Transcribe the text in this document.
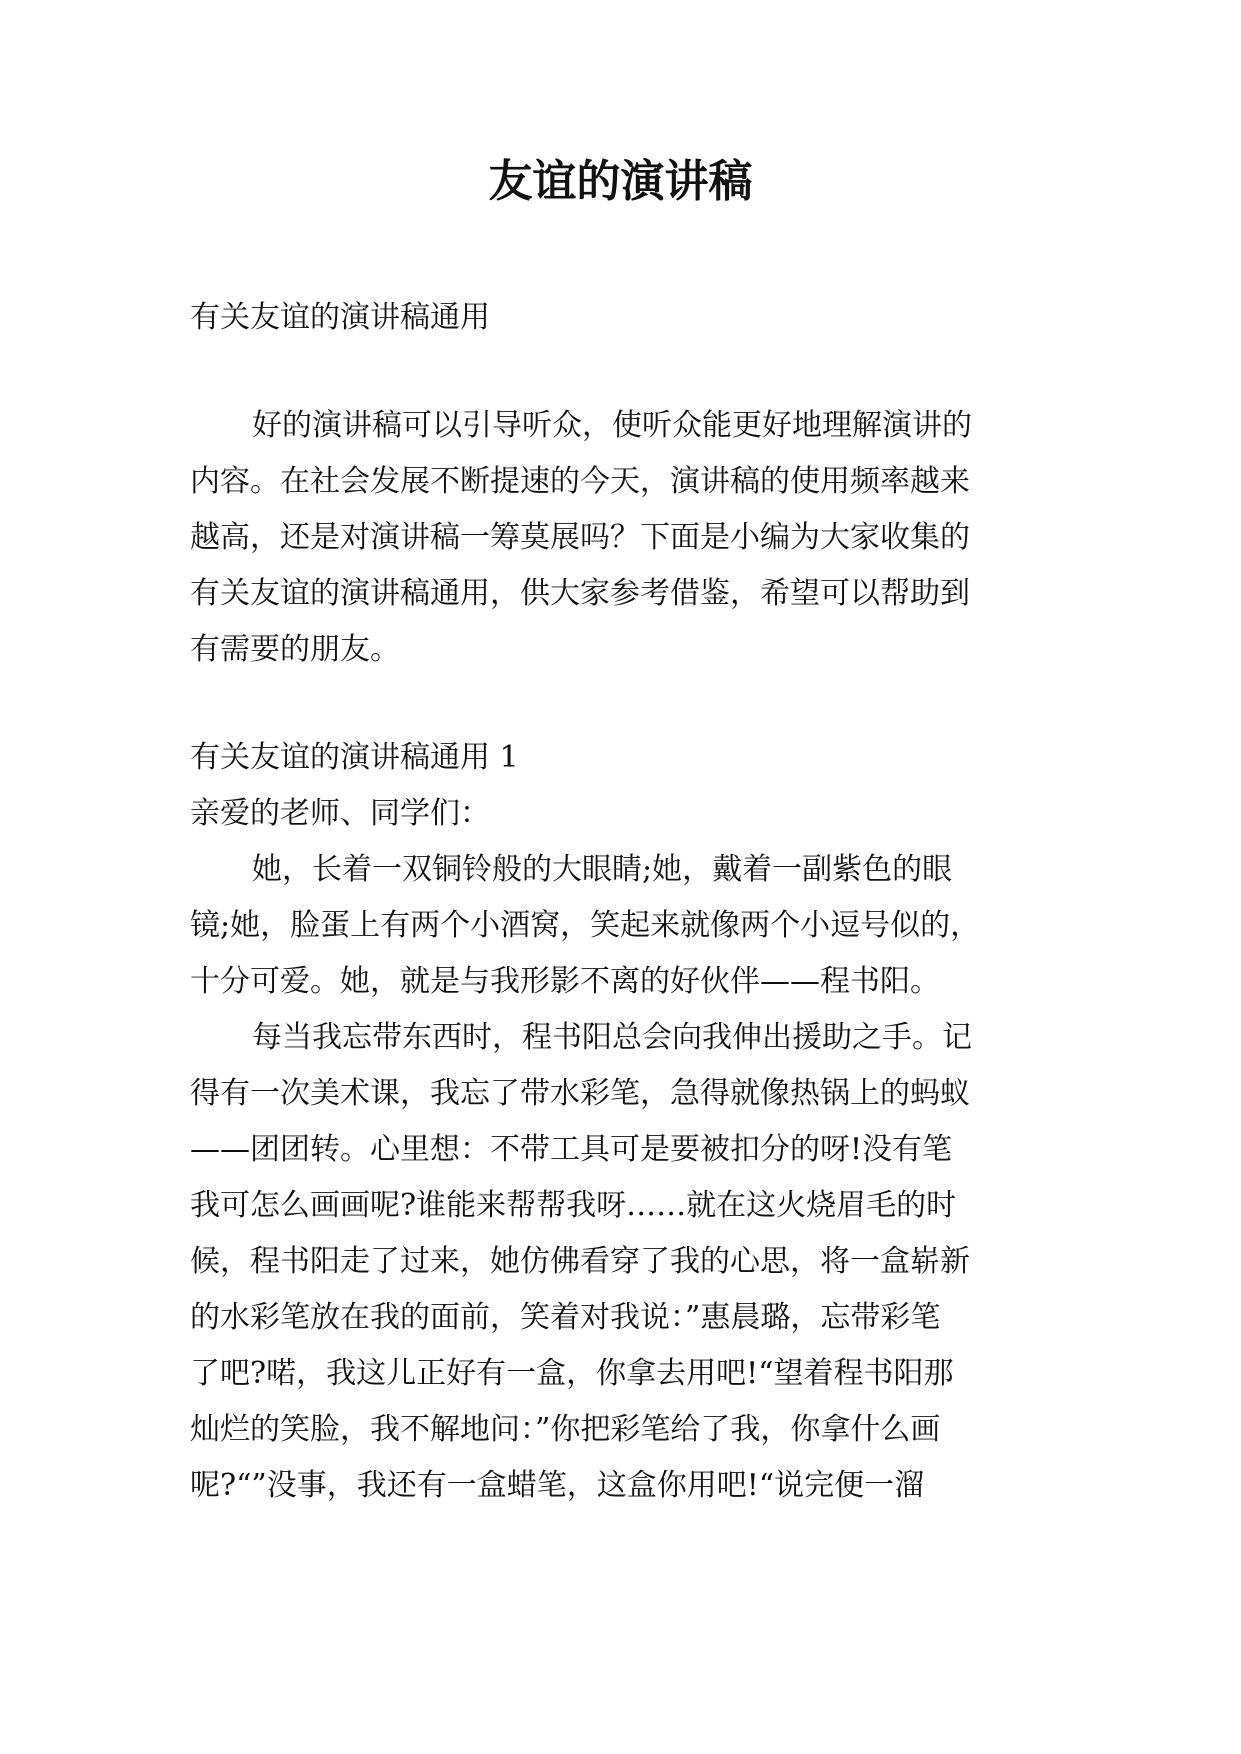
友谊的演讲稿

有关友谊的演讲稿通用

好的演讲稿可以引导听众，使听众能更好地理解演讲的

内容。在社会发展不断提速的今天，演讲稿的使用频率越来

越高，还是对演讲稿一筹莫展吗？下面是小编为大家收集的

有关友谊的演讲稿通用，供大家参考借鉴，希望可以帮助到

有需要的朋友。

有关友谊的演讲稿通用 1

亲爱的老师、同学们：

她，长着一双铜铃般的大眼睛;她，戴着一副紫色的眼

镜;她，脸蛋上有两个小酒窝，笑起来就像两个小逗号似的，

十分可爱。她，就是与我形影不离的好伙伴——程书阳。

每当我忘带东西时，程书阳总会向我伸出援助之手。记

得有一次美术课，我忘了带水彩笔，急得就像热锅上的蚂蚁

——团团转。心里想：不带工具可是要被扣分的呀!没有笔

我可怎么画画呢?谁能来帮帮我呀……就在这火烧眉毛的时

候，程书阳走了过来，她仿佛看穿了我的心思，将一盒崭新

的水彩笔放在我的面前，笑着对我说：”惠晨璐，忘带彩笔

了吧?喏，我这儿正好有一盒，你拿去用吧!“望着程书阳那

灿烂的笑脸，我不解地问：”你把彩笔给了我，你拿什么画

呢?“”没事，我还有一盒蜡笔，这盒你用吧!“说完便一溜
